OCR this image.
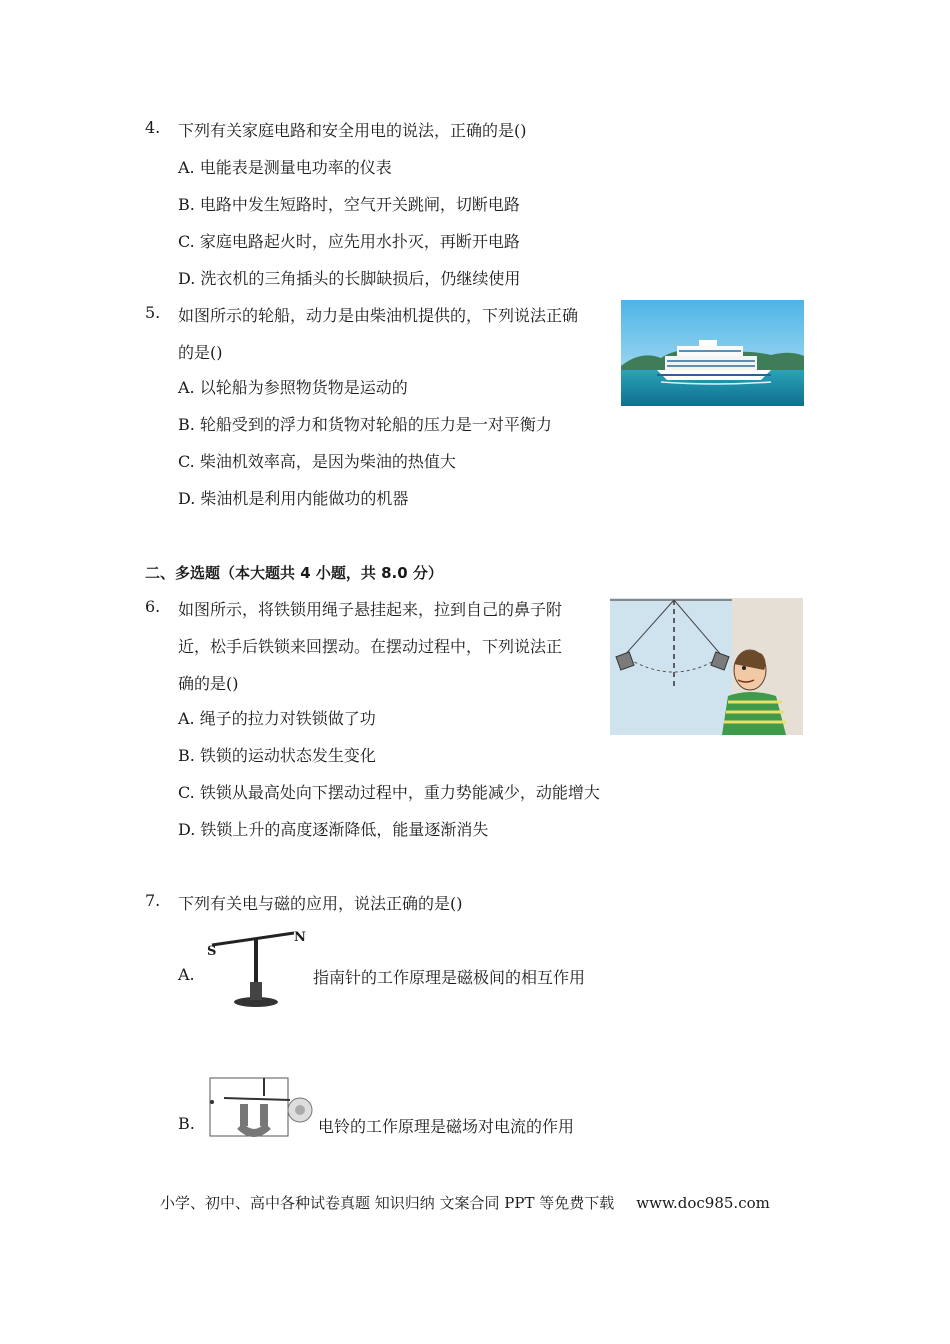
4. 下列有关家庭电路和安全用电的说法，正确的是()
A. 电能表是测量电功率的仪表
B. 电路中发生短路时，空气开关跳闸，切断电路
C. 家庭电路起火时，应先用水扑灭，再断开电路
D. 洗衣机的三角插头的长脚缺损后，仍继续使用
5. 如图所示的轮船，动力是由柴油机提供的，下列说法正确
的是()
A. 以轮船为参照物货物是运动的
B. 轮船受到的浮力和货物对轮船的压力是一对平衡力
C. 柴油机效率高，是因为柴油的热值大
D. 柴油机是利用内能做功的机器
二、多选题（本大题共 4 小题，共 8.0 分）
6. 如图所示，将铁锁用绳子悬挂起来，拉到自己的鼻子附
近，松手后铁锁来回摆动。在摆动过程中，下列说法正
确的是()
A. 绳子的拉力对铁锁做了功
B. 铁锁的运动状态发生变化
C. 铁锁从最高处向下摆动过程中，重力势能减少，动能增大
D. 铁锁上升的高度逐渐降低，能量逐渐消失
7. 下列有关电与磁的应用，说法正确的是()
A.
S
N
指南针的工作原理是磁极间的相互作用
B.	电铃的工作原理是磁场对电流的作用
小学、初中、高中各种试卷真题 知识归纳 文案合同 PPT 等免费下载 www.doc985.com
